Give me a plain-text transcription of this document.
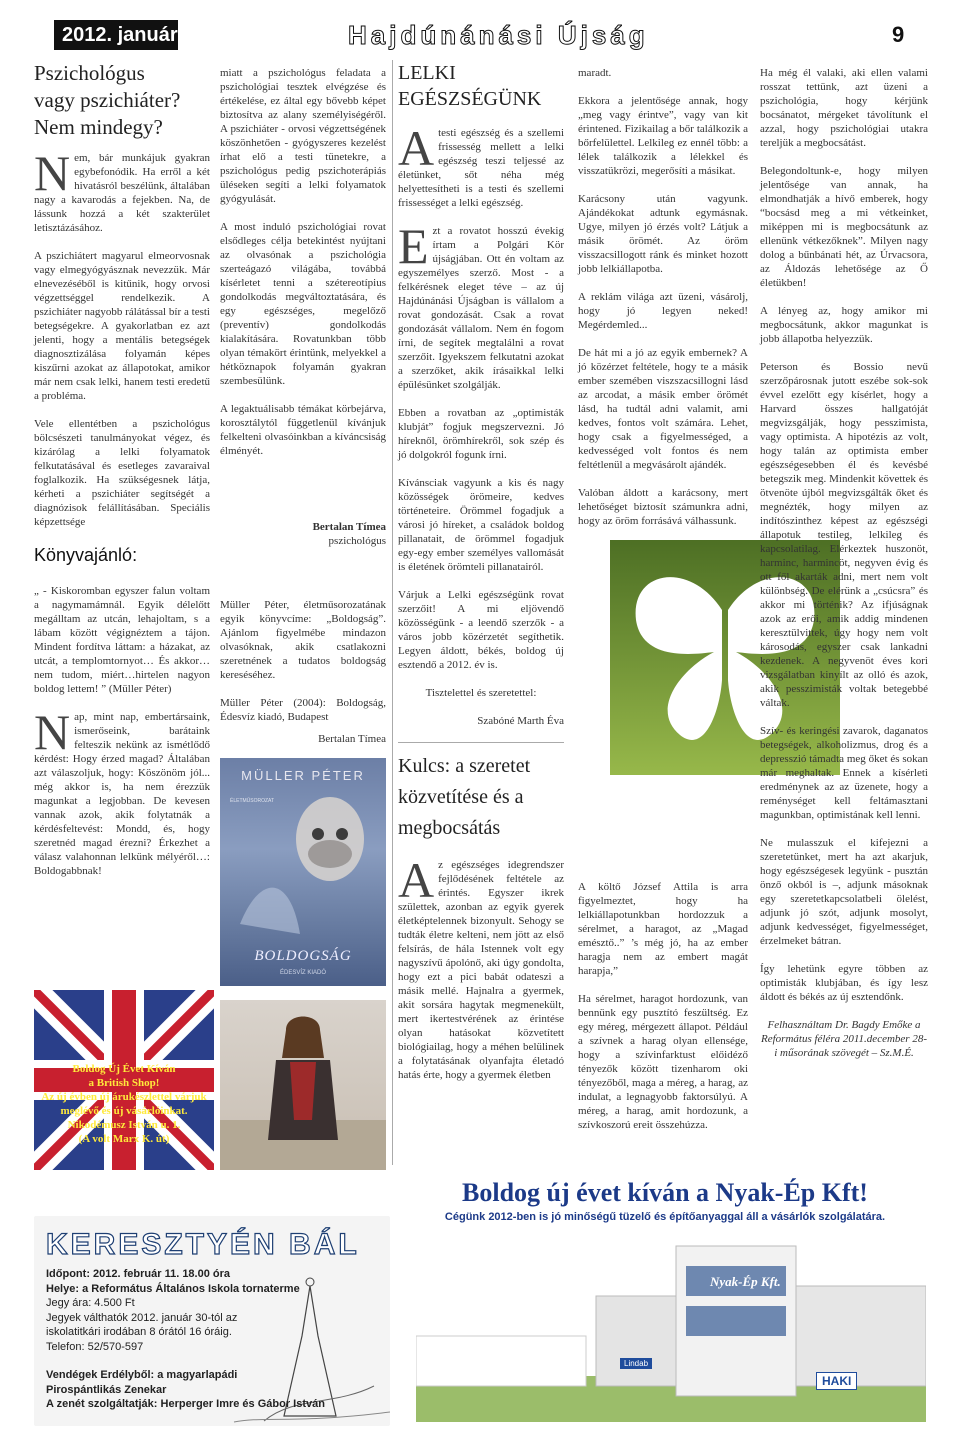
2012. január	Hajdúnánási Újság	9
Pszichológus
vagy pszichiáter?
Nem mindegy?

Nem, bár munkájuk gyakran egybefonódik. Ha erről a két hivatásról beszélünk, általában nagy a kavarodás a fejekben. Na, de lássunk hozzá a két szakterület letisztázásához.

A pszichiátert magyarul elmeorvosnak vagy elmegyógyásznak nevezzük. Már elnevezéséből is kitűnik, hogy orvosi végzettséggel rendelkezik. A pszichiáter nagyobb rálátással bír a testi betegségekre. A gyakorlatban ez azt jelenti, hogy a mentális betegségek diagnosztizálása folyamán képes kiszűrni azokat az állapotokat, amikor már nem csak lelki, hanem testi eredetű a probléma.

Vele ellentétben a pszichológus bölcsészeti tanulmányokat végez, és kizárólag a lelki folyamatok felkutatásával és esetleges zavaraival foglalkozik. Ha szükségesnek látja, kérheti a pszichiáter segítségét a diagnózisok felállításában. Speciális képzettsége

Könyvajánló:

„ - Kiskoromban egyszer falun voltam a nagymamámnál. Egyik délelőtt megálltam az utcán, lehajoltam, s a lábam között végignéztem a tájon. Mindent fordítva láttam: a házakat, az utcát, a templomtornyot… És akkor… nem tudom, miért…hirtelen nagyon boldog lettem! ” (Müller Péter)

Nap, mint nap, embertársaink, ismerőseink, barátaink felteszik nekünk az ismétlődő kérdést: Hogy érzed magad? Általában azt válaszoljuk, hogy: Köszönöm jól... még akkor is, ha nem érezzük magunkat a legjobban. De kevesen vannak azok, akik folytatnák a kérdésfeltevést: Mondd, és, hogy szeretnéd magad érezni? Érkezhet a válasz valahonnan lelkünk mélyéről…: Boldogabbnak!

Boldog Új Évet Kíván
a British Shop!
Az új évben új árukészlettel várjuk meglévő és új vásárlóinkat.
Nikodémusz István u. 1.
(A volt Marx K. út)

miatt a pszichológus feladata a pszichológiai tesztek elvégzése és értékelése, ez által egy bővebb képet biztosítva az alany személyiségéről. A pszichiáter - orvosi végzettségének köszönhetően - gyógyszeres kezelést írhat elő a testi tünetekre, a pszichológus pedig pszichoterápiás üléseken segíti a lelki folyamatok gyógyulását.

A most induló pszichológiai rovat elsődleges célja betekintést nyújtani az olvasónak a pszichológia szerteágazó világába, továbbá kísérletet tenni a szétereotípius gondolkodás megváltoztatására, és egy egészséges, megelőző (preventív) gondolkodás kialakítására. Rovatunkban több olyan témakört érintünk, melyekkel a hétköznapok folyamán gyakran szembesülünk.

A legaktuálisabb témákat körbejárva, korosztálytól függetlenül kívánjuk felkelteni olvasóinkban a kíváncsiság élményét.

Bertalan Tímea
pszichológus

Müller Péter, életműsorozatának egyik könyvcíme: „Boldogság”. Ajánlom figyelmébe mindazon olvasóknak, akik csatlakozni szeretnének a tudatos boldogság kereséséhez.

Müller Péter (2004): Boldogság, Édesvíz kiadó, Budapest

Bertalan Tímea
MÜLLER PÉTER
ÉLETMŰSOROZAT
BOLDOGSÁG
ÉDESVÍZ KIADÓ
LELKI
EGÉSZSÉGÜNK

Atesti egészség és a szellemi frissesség mellett a lelki egészség teszi teljessé az életünket, sőt néha még helyettesítheti is a testi és szellemi frissességet a lelki egészség.

Ezt a rovatot hosszú évekig írtam a Polgári Kör újságjában. Ott én voltam az egyszemélyes szerző. Most - a felkérésnek eleget téve – az új Hajdúnánási Újságban is vállalom a rovat gondozását. Csak a rovat gondozását vállalom. Nem én fogom írni, de segítek megtalálni a rovat szerzőit. Igyekszem felkutatni azokat a szerzőket, akik írásaikkal lelki épülésünket szolgálják.

Ebben a rovatban az „optimisták klubját” fogjuk megszervezni. Jó híreknől, örömhírekről, sok szép és jó dolgokról fogunk írni.

Kívánsciak vagyunk a kis és nagy közösségek örömeire, kedves történeteire. Örömmel fogadjuk a városi jó híreket, a családok boldog pillanatait, de örömmel fogadjuk egy-egy ember személyes vallomását is életének örömteli pillanatairól.

Várjuk a Lelki egészségünk rovat szerzőit! A mi eljövendő közösségünk - a leendő szerzők - a város jobb közérzetét segíthetik. Legyen áldott, békés, boldog új esztendő a 2012. év is.

Tisztelettel és szeretettel:

Szabóné Marth Éva
Kulcs: a szeretet
közvetítése és a
megbocsátás

Az egészséges idegrendszer fejlődésének feltétele az érintés. Egyszer ikrek születtek, azonban az egyik gyerek életképtelennek bizonyult. Sehogy se tudták életre kelteni, nem jött az első felsírás, de hála Istennek volt egy nagyszívű ápolónő, aki úgy gondolta, hogy ezt a pici babát odateszi a másik mellé. Hajnalra a gyermek, akit sorsára hagytak megmenekült, mert ikertestvérének az érintése olyan hatásokat közvetített biológiailag, hogy a méhen belülinek a folytatásának olyanfajta életadó hatás érte, hogy a gyermek életben

maradt.

Ekkora a jelentősége annak, hogy „meg vagy érintve”, vagy van kit érintened. Fizikailag a bőr találkozik a bőrfelülettel. Lelkileg ez ennél több: a lélek találkozik a lélekkel és visszatükrözi, megerősíti a másikat.

Karácsony után vagyunk. Ajándékokat adtunk egymásnak. Ugye, milyen jó érzés volt? Látjuk a másik örömét. Az öröm visszacsillogott ránk és minket hozott jobb lelkiállapotba.

A reklám világa azt üzeni, vásárolj, hogy jó legyen neked! Megérdemled...

De hát mi a jó az egyik embernek? A jó közérzet feltétele, hogy te a másik ember szemében viszszacsillogni lásd az arcodat, a másik ember örömét lásd, ha tudtál adni valamit, ami kedves, fontos volt számára. Lehet, hogy csak a figyelmességed, a kedvességed volt fontos és nem feltétlenül a megvásárolt ajándék.

Valóban áldott a karácsony, mert lehetőséget biztosít számunkra adni, hogy az öröm forrásává válhassunk.

A költő József Attila is arra figyelmeztet, hogy ha lelkiállapotunkban hordozzuk a sérelmet, a haragot, az „Magad emésztő..” ’s még jó, ha az ember haragja nem az embert magát harapja,”

Ha sérelmet, haragot hordozunk, van bennünk egy pusztító feszültség. Ez egy méreg, mérgezett állapot. Például a szívnek a harag olyan ellensége, hogy a szívinfarktust előidéző tényezők között tizenharom oki tényezőből, maga a méreg, a harag, az indulat, a legnagyobb faktorsúlyú. A méreg, a harag, amit hordozunk, a szívkoszorú ereit összehúzza.

Ha még él valaki, aki ellen valami rosszat tettünk, azt üzeni a pszichológia, hogy kérjünk bocsánatot, mérgeket távolítunk el azzal, hogy pszichológiai utakra tereljük a megbocsátást.

Belegondoltunk-e, hogy milyen jelentősége van annak, ha elmondhatják a hívő emberek, hogy “bocsásd meg a mi vétkeinket, miképpen mi is megbocsátunk az ellenünk vétkezőknek”. Milyen nagy dolog a bűnbánati hét, az Úrvacsora, az Áldozás lehetősége az Ő életükben!

A lényeg az, hogy amikor mi megbocsátunk, akkor magunkat is jobb állapotba helyezzük.

Peterson és Bossio nevű szerzőpárosnak jutott eszébe sok-sok évvel ezelőtt egy kísérlet, hogy a Harvard összes hallgatóját megvizsgálják, hogy pesszimista, vagy optimista. A hipotézis az volt, hogy talán az optimista ember egészségesebben él és kevésbé betegszik meg. Mindenkit követtek és ötvenöte újból megvizsgálták őket és megnézték, hogy milyen az indítószinthez képest az egészségi állapotuk testileg, lelkileg és kapcsolatilag. Elérkeztek huszonöt, harminc, harmincöt, negyven évig és ott fől akarták adni, mert nem volt különbség. De elérünk a „csúcsra” és akkor mi történik? Az ifjúságnak azok az erői, amik addig mindenen keresztülvittek, úgy hogy nem volt károsodás, egyszer csak lankadni kezdenek. A negyvenöt éves kori vizsgálatban kinyílt az olló és azok, akik pesszimisták voltak betegebbé váltak.

Szív- és keringési zavarok, daganatos betegségek, alkoholizmus, drog és a depresszió támadta meg őket és sokan már meghaltak. Ennek a kísérleti eredménynek az az üzenete, hogy a reménységet kell feltámasztani magunkban, optimistának kell lenni.

Ne mulasszuk el kifejezni a szeretetünket, mert ha azt akarjuk, hogy egészségesek legyünk - pusztán önző okból is –, adjunk másoknak egy szeretetkapcsolatbeli ölelést, adjunk jó szót, adjunk mosolyt, adjunk kedvességet, figyelmességet, érzelmeket bátran.

Így lehetünk egyre többen az optimisták klubjában, és így lesz áldott és békés az új esztendőnk.

Felhasználtam Dr. Bagdy Emőke a Református féléra 2011.december 28-i műsorának szövegét – Sz.M.É.

KERESZTYÉN BÁL
Időpont: 2012. február 11. 18.00 óra
Helye: a Református Általános Iskola tornaterme
Jegy ára: 4.500 Ft
Jegyek válthatók 2012. január 30-tól az iskolatitkári irodában 8 órától 16 óráig.
Telefon: 52/570-597
Vendégek Erdélyből: a magyarlapádi
Pirospántlikás Zenekar
A zenét szolgáltatják: Herperger Imre és Gábor István
Boldog új évet kíván a Nyak-Ép Kft!
Cégünk 2012-ben is jó minőségű tüzelő és építőanyaggal áll a vásárlók szolgálatára.
Nyak-Ép Kft.
Lindab
HAKI
